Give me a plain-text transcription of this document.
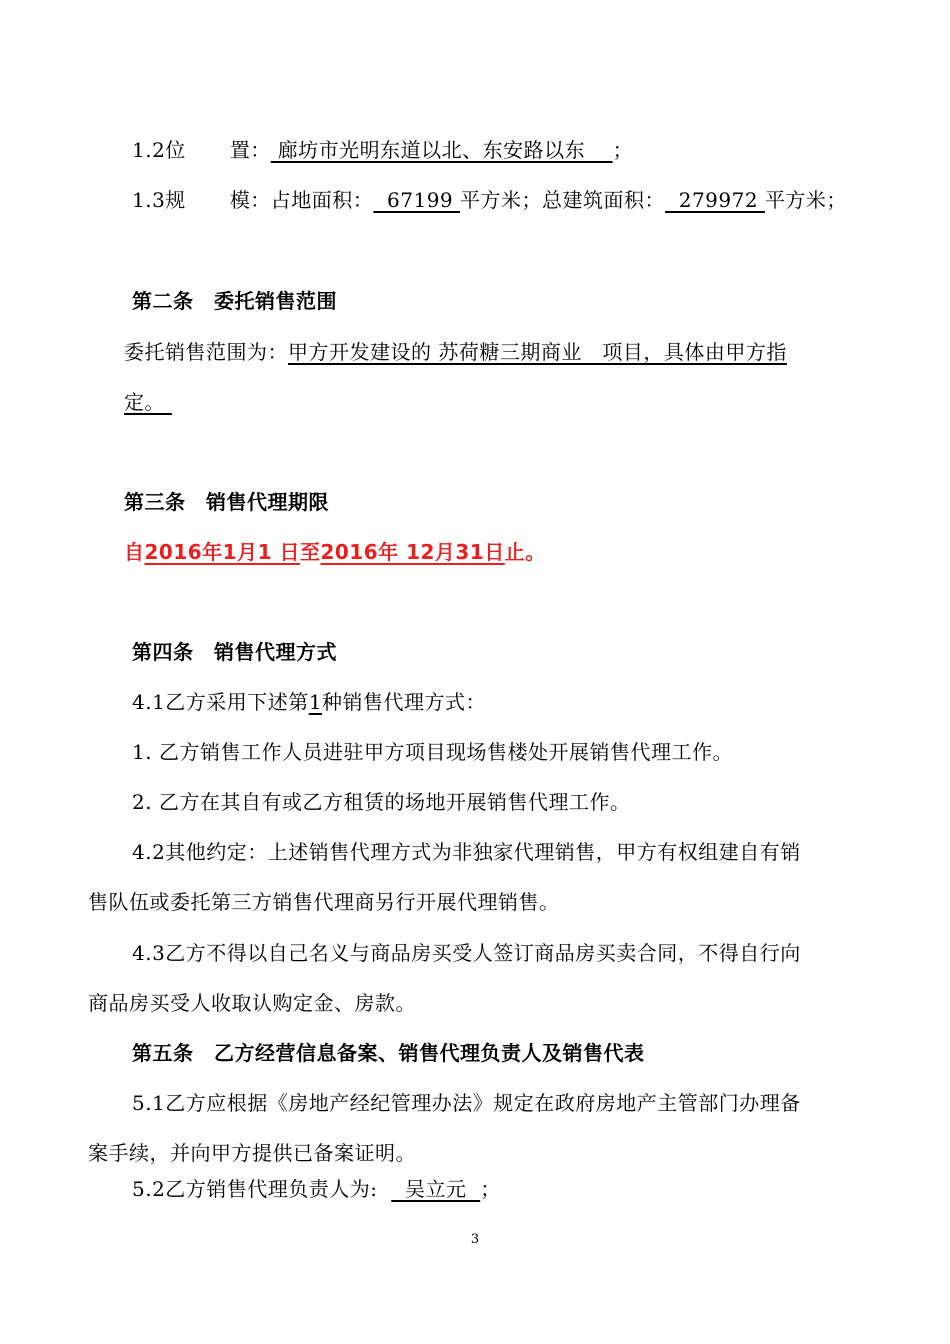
1.2位 置： 廊坊市光明东道以北、东安路以东    ；
1.3规 模：占地面积：  67199 平方米；总建筑面积：  279972 平方米；
第二条　委托销售范围
委托销售范围为：甲方开发建设的 苏荷糖三期商业   项目，具体由甲方指
定。
第三条　销售代理期限
自2016年1月1 日至2016年 12月31日止。
第四条　销售代理方式
4.1乙方采用下述第1种销售代理方式：
1. 乙方销售工作人员进驻甲方项目现场售楼处开展销售代理工作。
2. 乙方在其自有或乙方租赁的场地开展销售代理工作。
4.2其他约定：上述销售代理方式为非独家代理销售，甲方有权组建自有销
售队伍或委托第三方销售代理商另行开展代理销售。
4.3乙方不得以自己名义与商品房买受人签订商品房买卖合同，不得自行向
商品房买受人收取认购定金、房款。
第五条　乙方经营信息备案、销售代理负责人及销售代表
5.1乙方应根据《房地产经纪管理办法》规定在政府房地产主管部门办理备
案手续，并向甲方提供已备案证明。
5.2乙方销售代理负责人为:    吴立元  ；
3
